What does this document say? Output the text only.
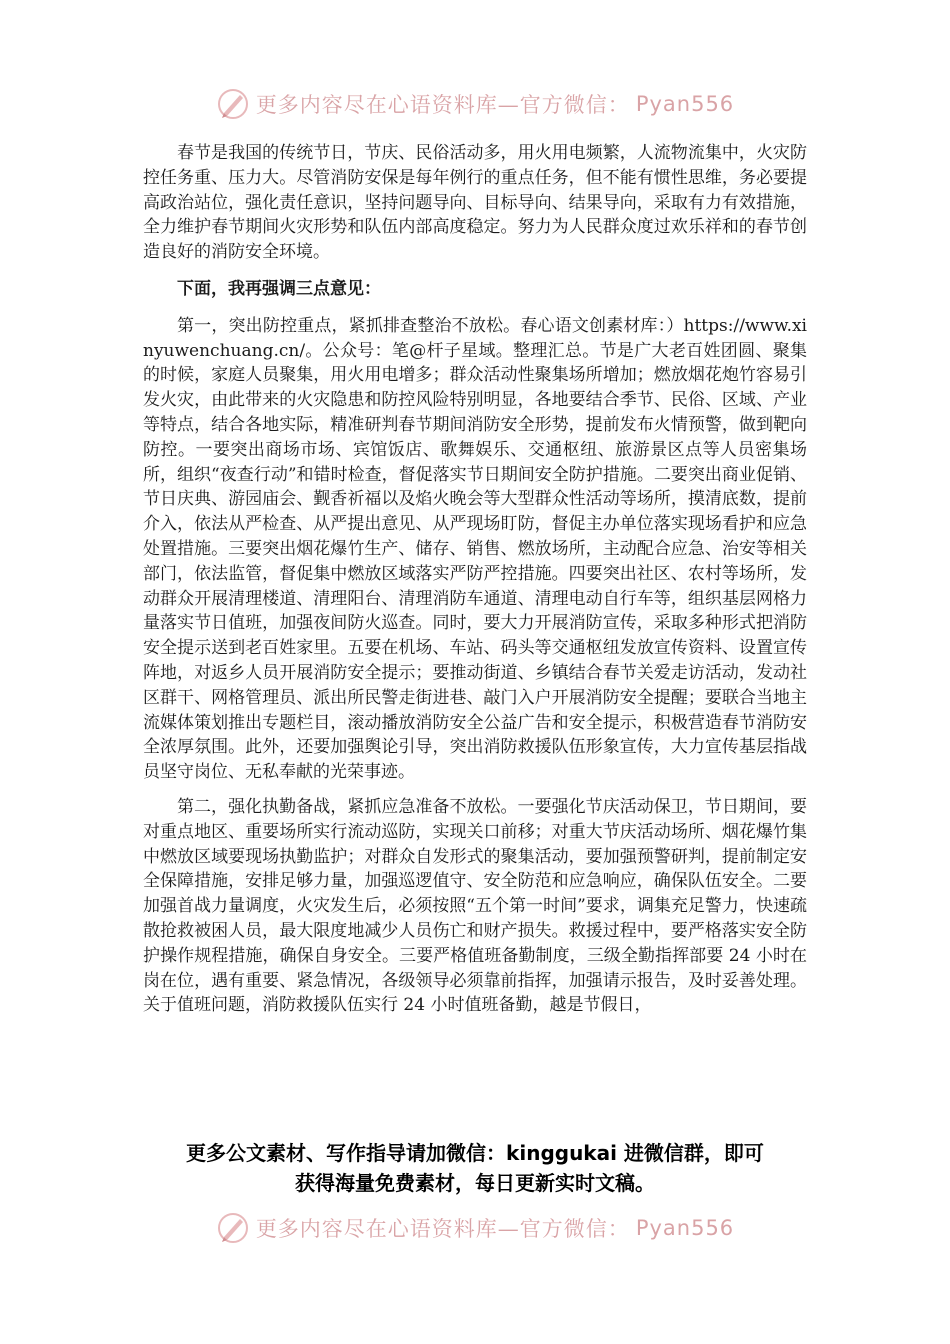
更多内容尽在心语资料库—官方微信： Pyan556

春节是我国的传统节日，节庆、民俗活动多，用火用电频繁，人流物流集中，火灾防控任务重、压力大。尽管消防安保是每年例行的重点任务，但不能有惯性思维，务必要提高政治站位，强化责任意识，坚持问题导向、目标导向、结果导向，采取有力有效措施，全力维护春节期间火灾形势和队伍内部高度稳定。努力为人民群众度过欢乐祥和的春节创造良好的消防安全环境。

下面，我再强调三点意见：

第一，突出防控重点，紧抓排查整治不放松。春心语文创素材库：）https://www.xinyuwenchuang.cn/。公众号：笔@杆子星域。整理汇总。节是广大老百姓团圆、聚集的时候，家庭人员聚集，用火用电增多；群众活动性聚集场所增加；燃放烟花炮竹容易引发火灾，由此带来的火灾隐患和防控风险特别明显，各地要结合季节、民俗、区域、产业等特点，结合各地实际，精准研判春节期间消防安全形势，提前发布火情预警，做到靶向防控。一要突出商场市场、宾馆饭店、歌舞娱乐、交通枢纽、旅游景区点等人员密集场所，组织“夜查行动”和错时检查，督促落实节日期间安全防护措施。二要突出商业促销、节日庆典、游园庙会、觐香祈福以及焰火晚会等大型群众性活动等场所，摸清底数，提前介入，依法从严检查、从严提出意见、从严现场盯防，督促主办单位落实现场看护和应急处置措施。三要突出烟花爆竹生产、储存、销售、燃放场所，主动配合应急、治安等相关部门，依法监管，督促集中燃放区域落实严防严控措施。四要突出社区、农村等场所，发动群众开展清理楼道、清理阳台、清理消防车通道、清理电动自行车等，组织基层网格力量落实节日值班，加强夜间防火巡查。同时，要大力开展消防宣传，采取多种形式把消防安全提示送到老百姓家里。五要在机场、车站、码头等交通枢纽发放宣传资料、设置宣传阵地，对返乡人员开展消防安全提示；要推动街道、乡镇结合春节关爱走访活动，发动社区群干、网格管理员、派出所民警走街进巷、敲门入户开展消防安全提醒；要联合当地主流媒体策划推出专题栏目，滚动播放消防安全公益广告和安全提示，积极营造春节消防安全浓厚氛围。此外，还要加强舆论引导，突出消防救援队伍形象宣传，大力宣传基层指战员坚守岗位、无私奉献的光荣事迹。

第二，强化执勤备战，紧抓应急准备不放松。一要强化节庆活动保卫，节日期间，要对重点地区、重要场所实行流动巡防，实现关口前移；对重大节庆活动场所、烟花爆竹集中燃放区域要现场执勤监护；对群众自发形式的聚集活动，要加强预警研判，提前制定安全保障措施，安排足够力量，加强巡逻值守、安全防范和应急响应，确保队伍安全。二要加强首战力量调度，火灾发生后，必须按照“五个第一时间”要求，调集充足警力，快速疏散抢救被困人员，最大限度地减少人员伤亡和财产损失。救援过程中，要严格落实安全防护操作规程措施，确保自身安全。三要严格值班备勤制度，三级全勤指挥部要 24 小时在岗在位，遇有重要、紧急情况，各级领导必须靠前指挥，加强请示报告，及时妥善处理。关于值班问题，消防救援队伍实行 24 小时值班备勤，越是节假日，

更多公文素材、写作指导请加微信：kinggukai 进微信群，即可
获得海量免费素材，每日更新实时文稿。
更多内容尽在心语资料库—官方微信： Pyan556
